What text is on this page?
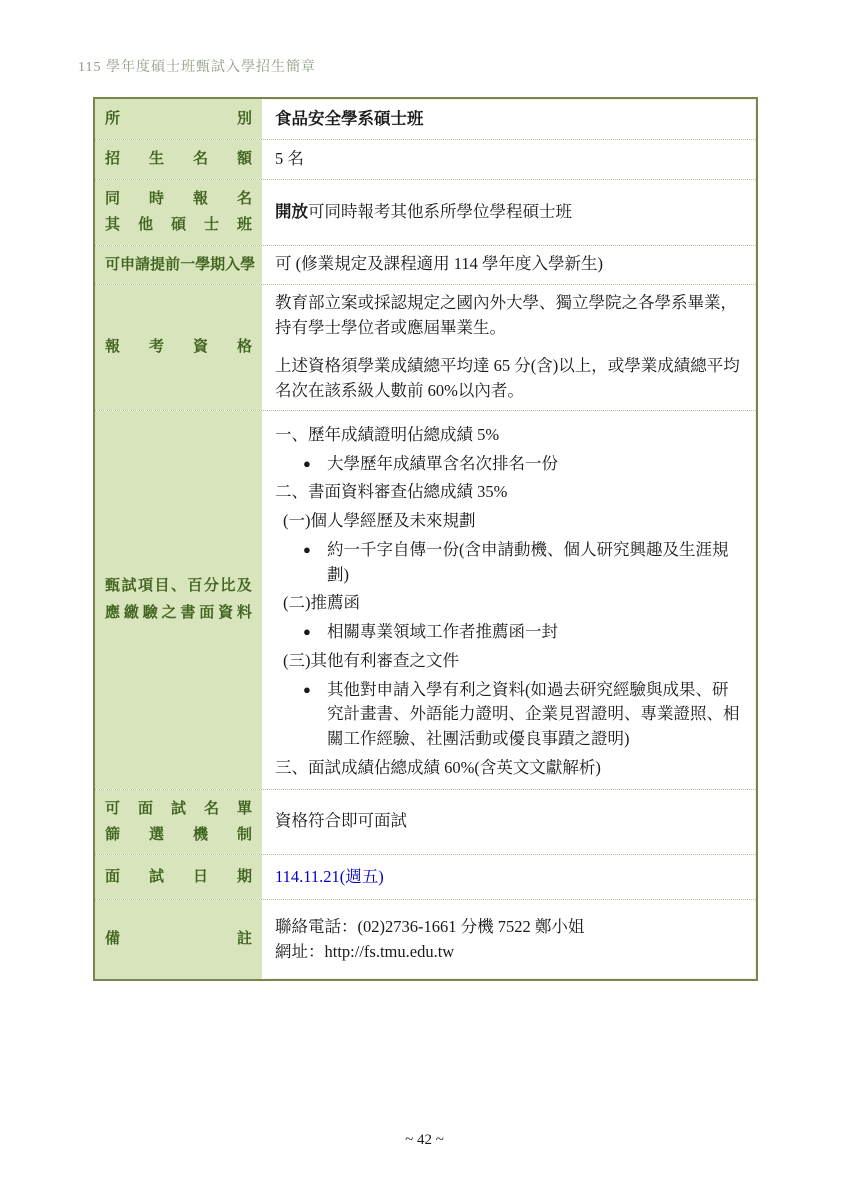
115 學年度碩士班甄試入學招生簡章
所	別 食品安全學系碩士班
招 生 名 額 5 名
同 時 報 名
其 他 碩 士 班
開放可同時報考其他系所學位學程碩士班
可 申 請 提 前 一 學 期 入 學 可 (修業規定及課程適用 114 學年度入學新生)
報 考 資 格
教育部立案或採認規定之國內外大學、獨立學院之各學系畢業，持有學士學位者或應屆畢業生。
上述資格須學業成績總平均達 65 分(含)以上，或學業成績總平均名次在該系級人數前 60%以內者。
甄 試 項 目 、 百 分 比 及
應 繳 驗 之 書 面 資 料
一、歷年成績證明佔總成績 5%
● 大學歷年成績單含名次排名一份
二、書面資料審查佔總成績 35%
(一)個人學經歷及未來規劃
● 約一千字自傳一份(含申請動機、個人研究興趣及生涯規劃)
(二)推薦函
● 相關專業領域工作者推薦函一封
(三)其他有利審查之文件
● 其他對申請入學有利之資料(如過去研究經驗與成果、研究計畫書、外語能力證明、企業見習證明、專業證照、相關工作經驗、社團活動或優良事蹟之證明)
三、面試成績佔總成績 60%(含英文文獻解析)
可 面 試 名 單
篩 選 機 制
資格符合即可面試
面 試 日 期 114.11.21(週五)
備	註
聯絡電話：(02)2736-1661 分機 7522 鄭小姐
網址：http://fs.tmu.edu.tw
~ 42 ~
